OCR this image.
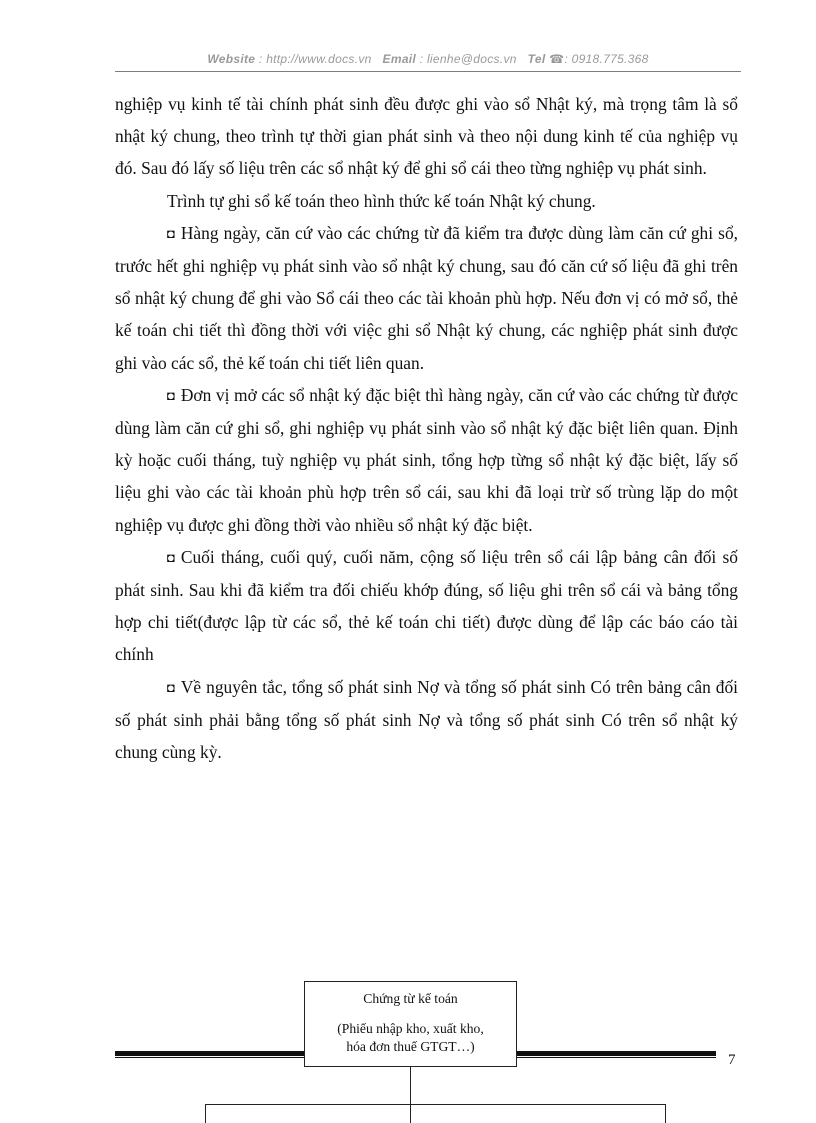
Website : http://www.docs.vn Email : lienhe@docs.vn Tel ☎: 0918.775.368

nghiệp vụ kinh tế tài chính phát sinh đều được ghi vào sổ Nhật ký, mà trọng tâm là sổ nhật ký chung, theo trình tự thời gian phát sinh và theo nội dung kinh tế của nghiệp vụ đó. Sau đó lấy số liệu trên các sổ nhật ký để ghi sổ cái theo từng nghiệp vụ phát sinh.

Trình tự ghi sổ kế toán theo hình thức kế toán Nhật ký chung.

◘ Hàng ngày, căn cứ vào các chứng từ đã kiểm tra được dùng làm căn cứ ghi sổ, trước hết ghi nghiệp vụ phát sinh vào sổ nhật ký chung, sau đó căn cứ số liệu đã ghi trên sổ nhật ký chung để ghi vào Sổ cái theo các tài khoản phù hợp. Nếu đơn vị có mở sổ, thẻ kế toán chi tiết thì đồng thời với việc ghi sổ Nhật ký chung, các nghiệp phát sinh được ghi vào các sổ, thẻ kế toán chi tiết liên quan.

◘ Đơn vị mở các sổ nhật ký đặc biệt thì hàng ngày, căn cứ vào các chứng từ được dùng làm căn cứ ghi sổ, ghi nghiệp vụ phát sinh vào sổ nhật ký đặc biệt liên quan. Định kỳ hoặc cuối tháng, tuỳ nghiệp vụ phát sinh, tổng hợp từng sổ nhật ký đặc biệt, lấy số liệu ghi vào các tài khoản phù hợp trên sổ cái, sau khi đã loại trừ số trùng lặp do một nghiệp vụ được ghi đồng thời vào nhiều sổ nhật ký đặc biệt.

◘ Cuối tháng, cuối quý, cuối năm, cộng số liệu trên sổ cái lập bảng cân đối số phát sinh. Sau khi đã kiểm tra đối chiếu khớp đúng, số liệu ghi trên sổ cái và bảng tổng hợp chi tiết(được lập từ các sổ, thẻ kế toán chi tiết) được dùng để lập các báo cáo tài chính

◘ Về nguyên tắc, tổng số phát sinh Nợ và tổng số phát sinh Có trên bảng cân đối số phát sinh phải bằng tổng số phát sinh Nợ và tổng số phát sinh Có trên sổ nhật ký chung cùng kỳ.

7
Chứng từ kế toán
(Phiếu nhập kho, xuất kho,
hóa đơn thuế GTGT…)
